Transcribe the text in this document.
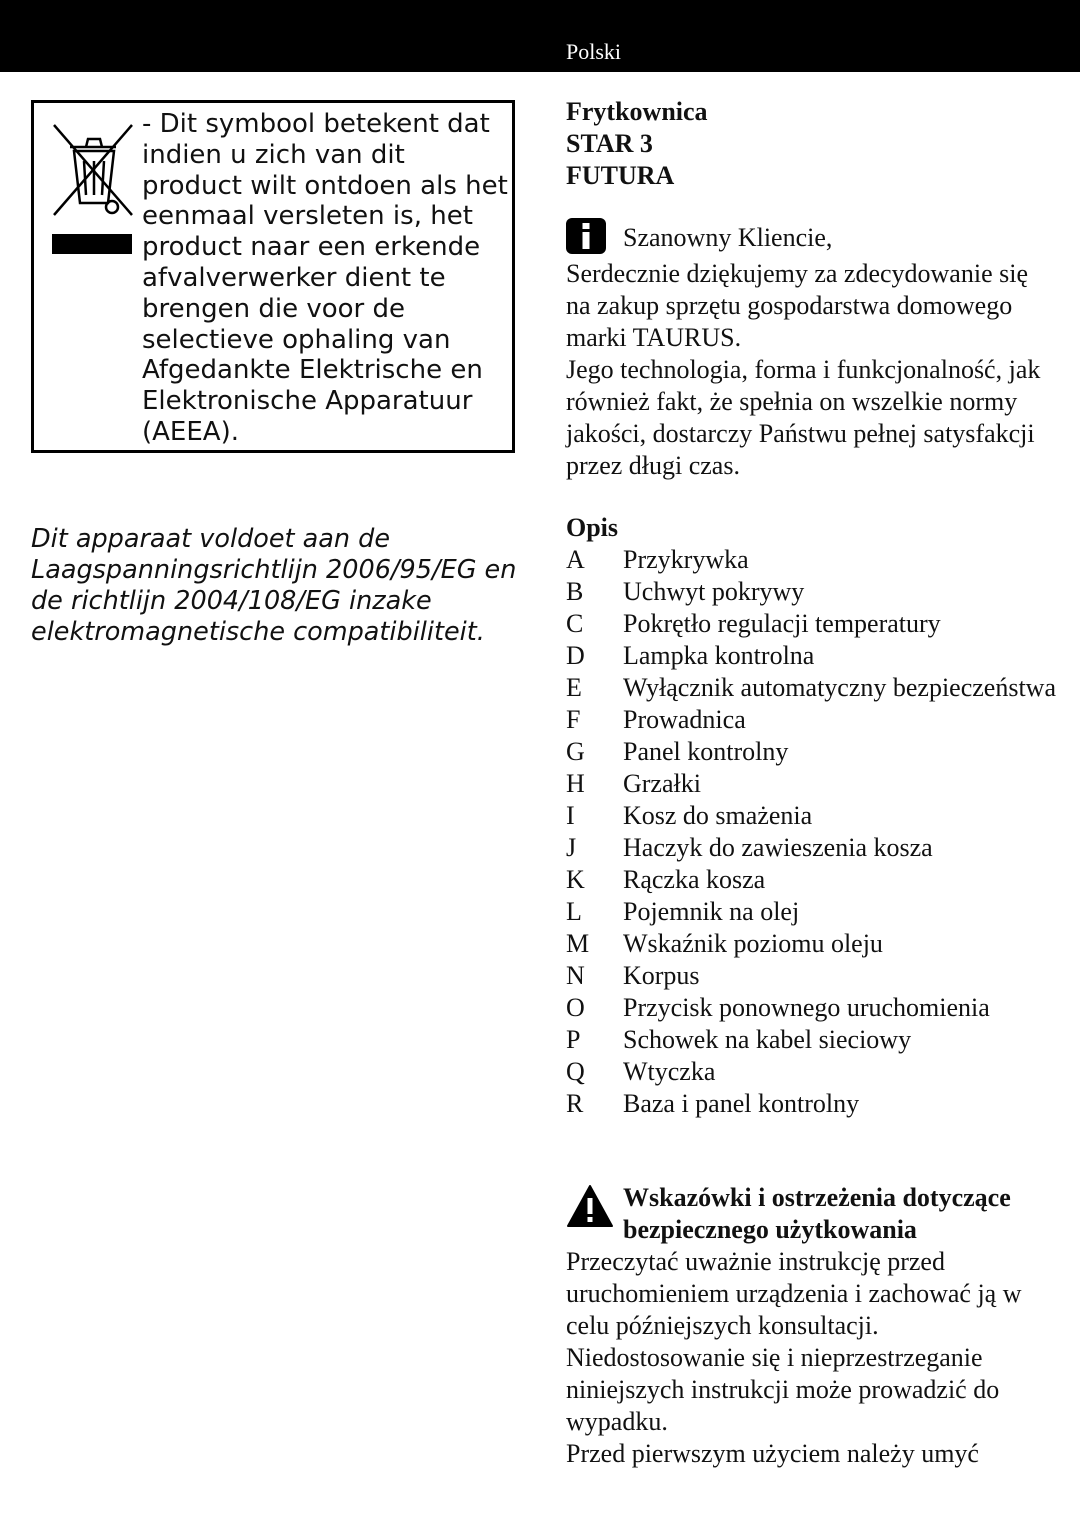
Polski
- Dit symbool betekent dat indien u zich van dit product wilt ontdoen als het eenmaal versleten is, het product naar een erkende afvalverwerker dient te brengen die voor de selectieve ophaling van Afgedankte Elektrische en Elektronische Apparatuur (AEEA).
Dit apparaat voldoet aan de Laagspanningsrichtlijn 2006/95/EG en de richtlijn 2004/108/EG inzake elektromagnetische compatibiliteit.
Frytkownica
STAR 3
FUTURA
Szanowny Kliencie,
Serdecznie dziękujemy za zdecydowanie się na zakup sprzętu gospodarstwa domowego marki TAURUS.
Jego technologia, forma i funkcjonalność, jak również fakt, że spełnia on wszelkie normy jakości, dostarczy Państwu pełnej satysfakcji przez długi czas.
Opis
A	Przykrywka
B	Uchwyt pokrywy
C	Pokrętło regulacji temperatury
D	Lampka kontrolna
E	Wyłącznik automatyczny bezpieczeństwa
F	Prowadnica
G	Panel kontrolny
H	Grzałki
I	Kosz do smażenia
J	Haczyk do zawieszenia kosza
K	Rączka kosza
L	Pojemnik na olej
M	Wskaźnik poziomu oleju
N	Korpus
O	Przycisk ponownego uruchomienia
P	Schowek na kabel sieciowy
Q	Wtyczka
R	Baza i panel kontrolny
Wskazówki i ostrzeżenia dotyczące bezpiecznego użytkowania
Przeczytać uważnie instrukcję przed uruchomieniem urządzenia i zachować ją w celu późniejszych konsultacji.
Niedostosowanie się i nieprzestrzeganie niniejszych instrukcji może prowadzić do wypadku.
Przed pierwszym użyciem należy umyć
